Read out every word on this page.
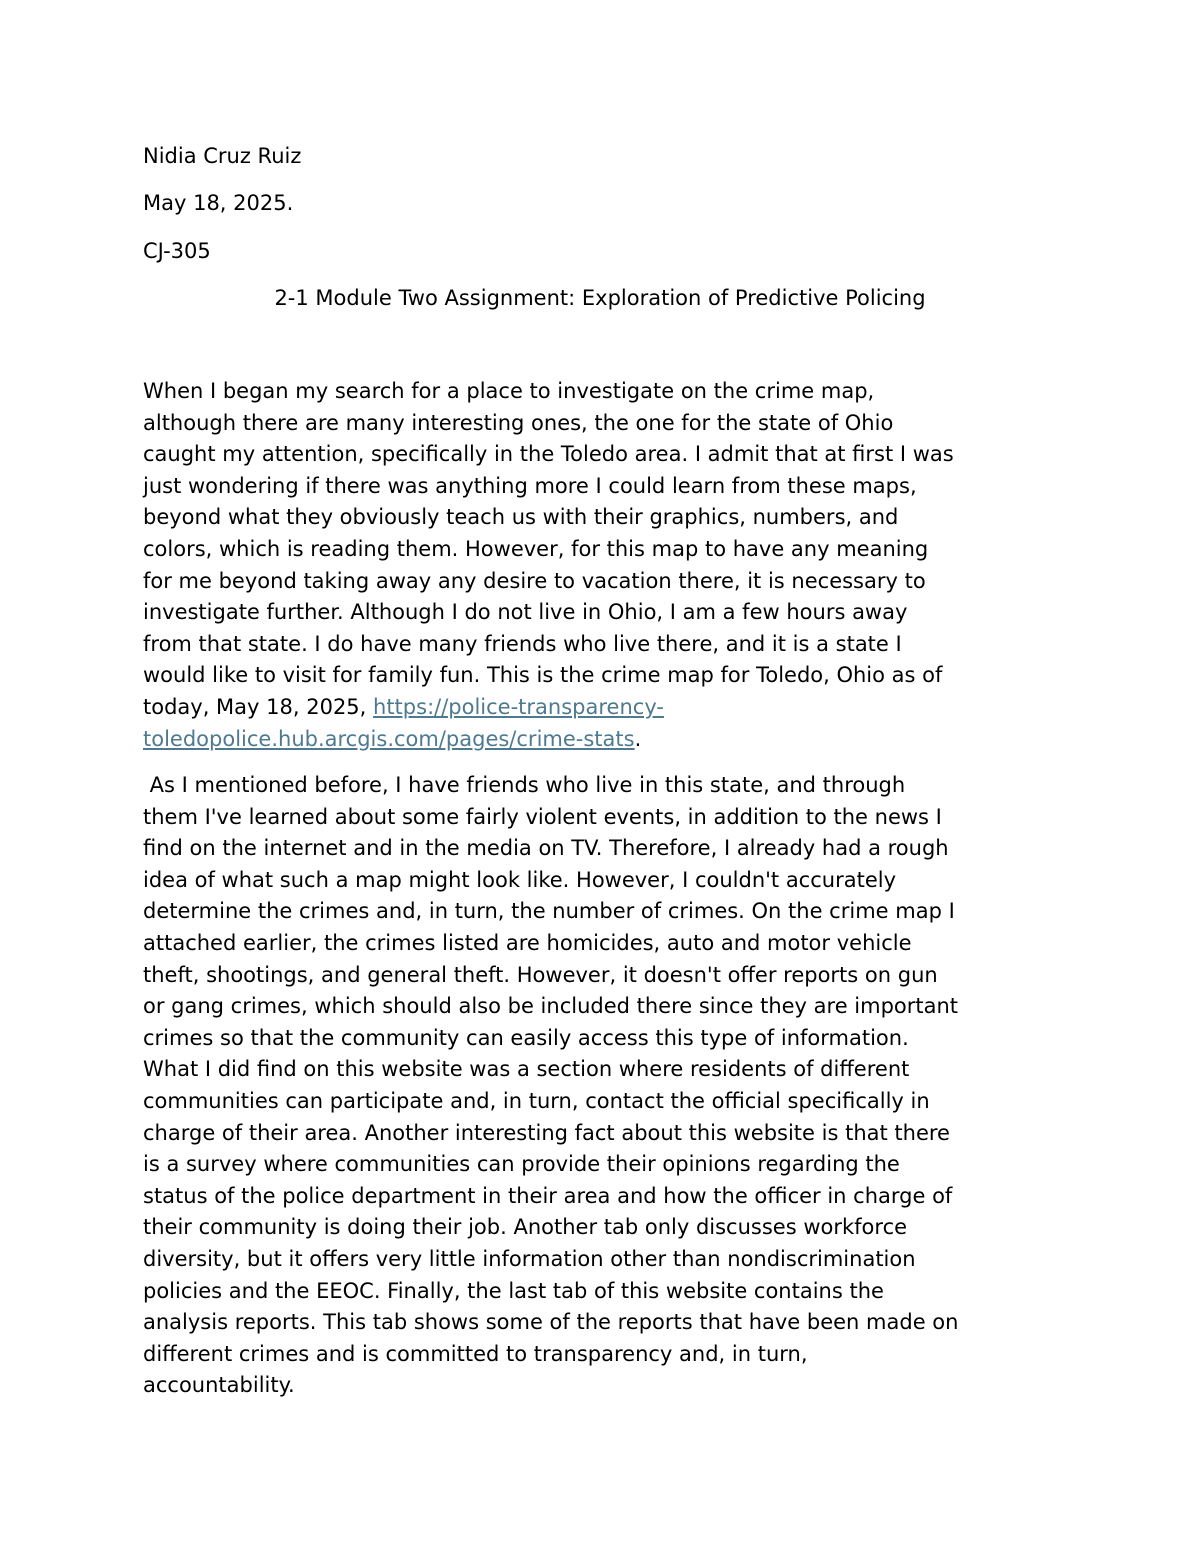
Nidia Cruz Ruiz
May 18, 2025.
CJ-305
2-1 Module Two Assignment: Exploration of Predictive Policing

When I began my search for a place to investigate on the crime map,
although there are many interesting ones, the one for the state of Ohio
caught my attention, specifically in the Toledo area. I admit that at first I was
just wondering if there was anything more I could learn from these maps,
beyond what they obviously teach us with their graphics, numbers, and
colors, which is reading them. However, for this map to have any meaning
for me beyond taking away any desire to vacation there, it is necessary to
investigate further. Although I do not live in Ohio, I am a few hours away
from that state. I do have many friends who live there, and it is a state I
would like to visit for family fun. This is the crime map for Toledo, Ohio as of
today, May 18, 2025, https://police-transparency-
toledopolice.hub.arcgis.com/pages/crime-stats.

As I mentioned before, I have friends who live in this state, and through
them I've learned about some fairly violent events, in addition to the news I
find on the internet and in the media on TV. Therefore, I already had a rough
idea of what such a map might look like. However, I couldn't accurately
determine the crimes and, in turn, the number of crimes. On the crime map I
attached earlier, the crimes listed are homicides, auto and motor vehicle
theft, shootings, and general theft. However, it doesn't offer reports on gun
or gang crimes, which should also be included there since they are important
crimes so that the community can easily access this type of information.
What I did find on this website was a section where residents of different
communities can participate and, in turn, contact the official specifically in
charge of their area. Another interesting fact about this website is that there
is a survey where communities can provide their opinions regarding the
status of the police department in their area and how the officer in charge of
their community is doing their job. Another tab only discusses workforce
diversity, but it offers very little information other than nondiscrimination
policies and the EEOC. Finally, the last tab of this website contains the
analysis reports. This tab shows some of the reports that have been made on
different crimes and is committed to transparency and, in turn,
accountability.
